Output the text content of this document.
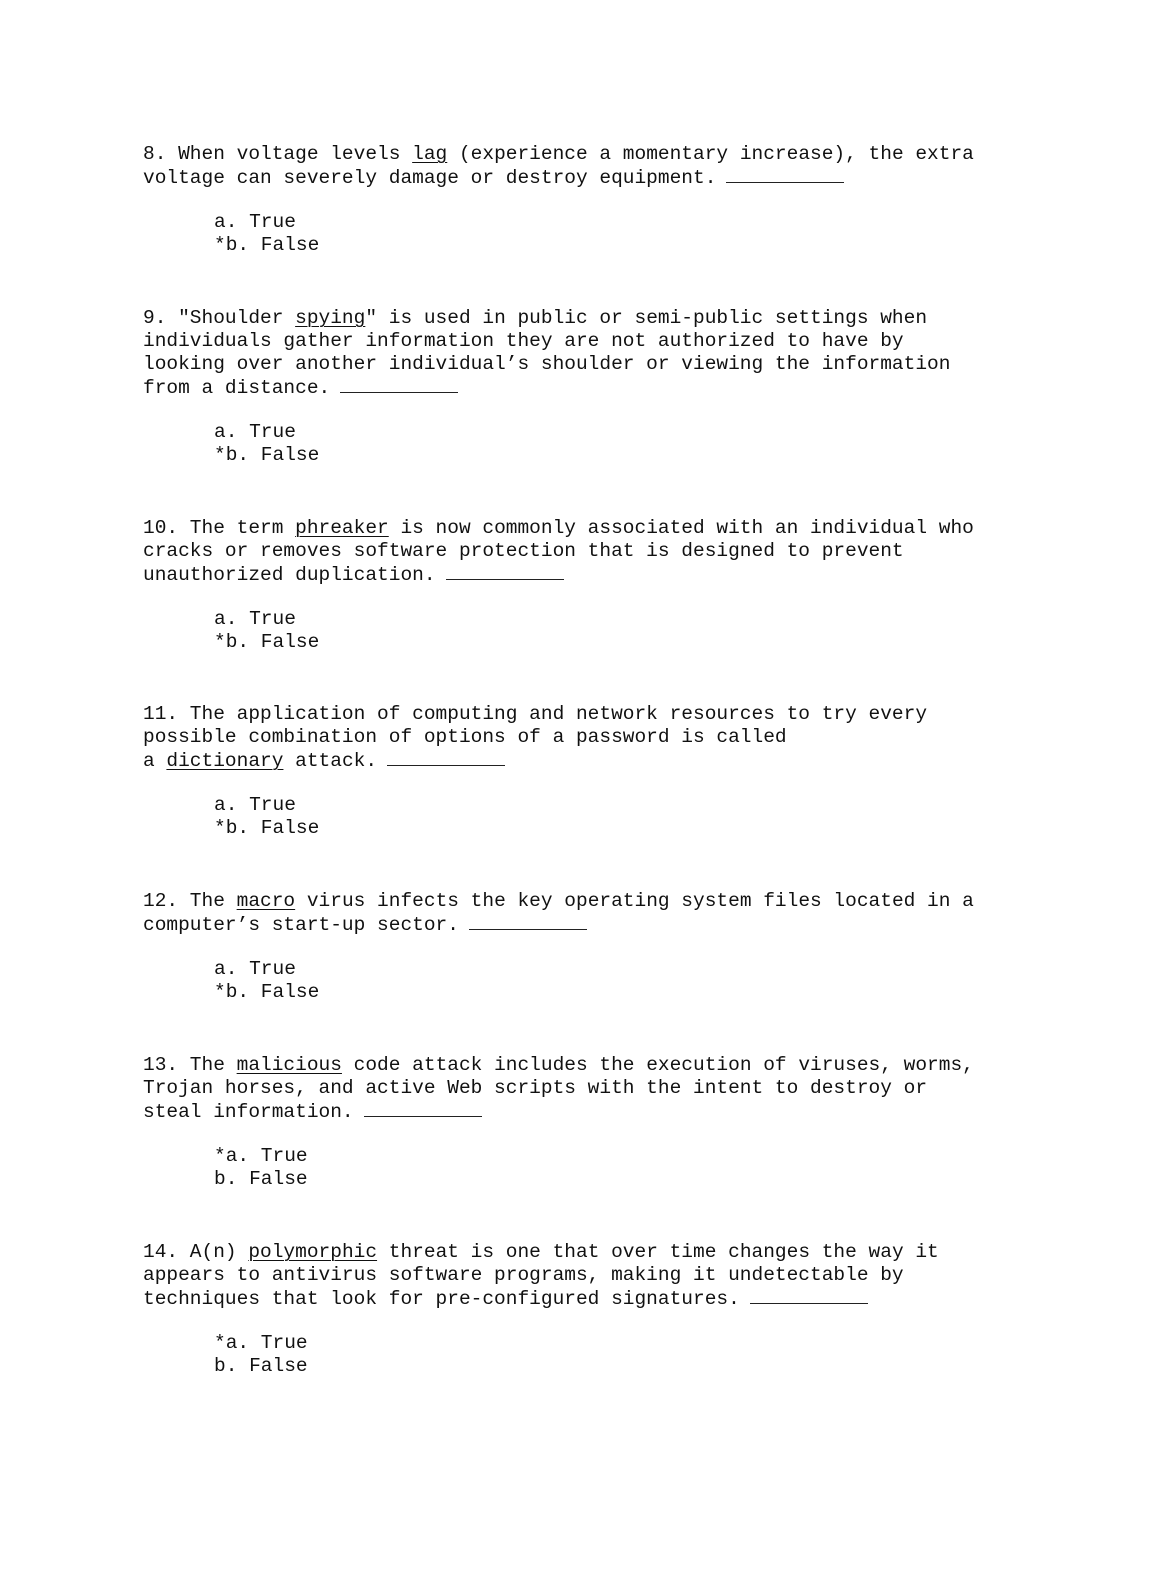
8. When voltage levels lag (experience a momentary increase), the extra
voltage can severely damage or destroy equipment.
a. True
*b. False
9. "Shoulder spying" is used in public or semi-public settings when
individuals gather information they are not authorized to have by
looking over another individual’s shoulder or viewing the information
from a distance.
a. True
*b. False
10. The term phreaker is now commonly associated with an individual who
cracks or removes software protection that is designed to prevent
unauthorized duplication.
a. True
*b. False
11. The application of computing and network resources to try every
possible combination of options of a password is called
a dictionary attack.
a. True
*b. False
12. The macro virus infects the key operating system files located in a
computer’s start-up sector.
a. True
*b. False
13. The malicious code attack includes the execution of viruses, worms,
Trojan horses, and active Web scripts with the intent to destroy or
steal information.
*a. True
b. False
14. A(n) polymorphic threat is one that over time changes the way it
appears to antivirus software programs, making it undetectable by
techniques that look for pre-configured signatures.
*a. True
b. False
